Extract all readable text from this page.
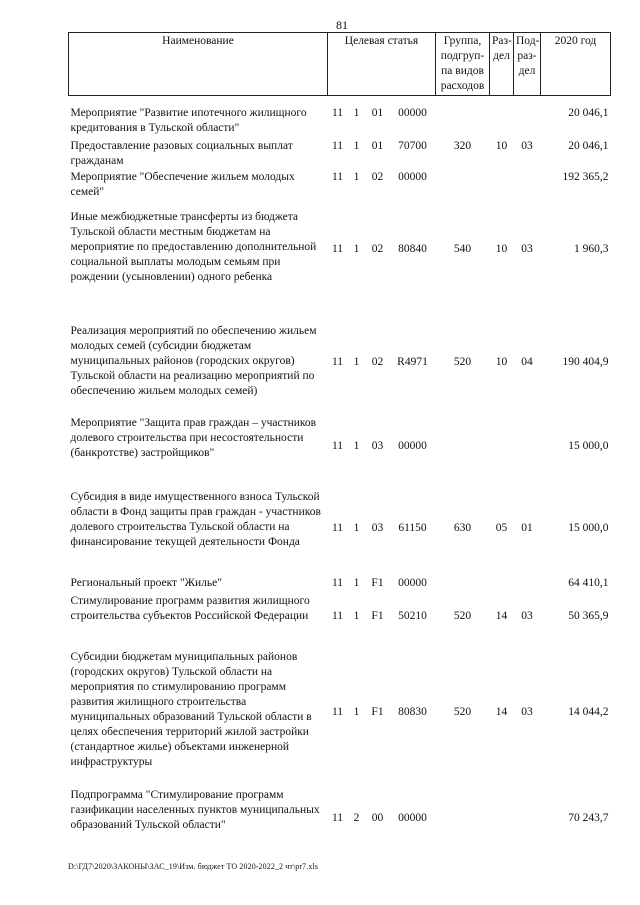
81
Наименование	Целевая статья				Группа, подгруп-па видов расходов	Раз-дел	Под-раз-дел	2020 год
Мероприятие "Развитие ипотечного жилищного кредитования в Тульской области"	11	1	01	00000				20 046,1
Предоставление разовых социальных выплат гражданам	11	1	01	70700	320	10	03	20 046,1
Мероприятие "Обеспечение жильем молодых семей"	11	1	02	00000				192 365,2
Иные межбюджетные трансферты из бюджета Тульской области местным бюджетам на мероприятие по предоставлению дополнительной социальной выплаты молодым семьям при рождении (усыновлении) одного ребенка	11	1	02	80840	540	10	03	1 960,3
Реализация мероприятий по обеспечению жильем молодых семей (субсидии бюджетам муниципальных районов (городских округов) Тульской области на реализацию мероприятий по обеспечению жильем молодых семей)	11	1	02	R4971	520	10	04	190 404,9
Мероприятие "Защита прав граждан – участников долевого строительства при несостоятельности (банкротстве) застройщиков"	11	1	03	00000				15 000,0
Субсидия в виде имущественного взноса Тульской области в Фонд защиты прав граждан - участников долевого строительства Тульской области на финансирование текущей деятельности Фонда	11	1	03	61150	630	05	01	15 000,0
Региональный проект "Жилье"	11	1	F1	00000				64 410,1
Стимулирование программ развития жилищного строительства субъектов Российской Федерации	11	1	F1	50210	520	14	03	50 365,9
Субсидии бюджетам муниципальных районов (городских округов) Тульской области на мероприятия по стимулированию программ развития жилищного строительства муниципальных образований Тульской области в целях обеспечения территорий жилой застройки (стандартное жилье) объектами инженерной инфраструктуры	11	1	F1	80830	520	14	03	14 044,2
Подпрограмма "Стимулирование программ газификации населенных пунктов муниципальных образований Тульской области"	11	2	00	00000				70 243,7
D:\ГД7\2020\ЗАКОНЫ\ЗАС_19\Изм. бюджет ТО 2020-2022_2 чт\pr7.xls
